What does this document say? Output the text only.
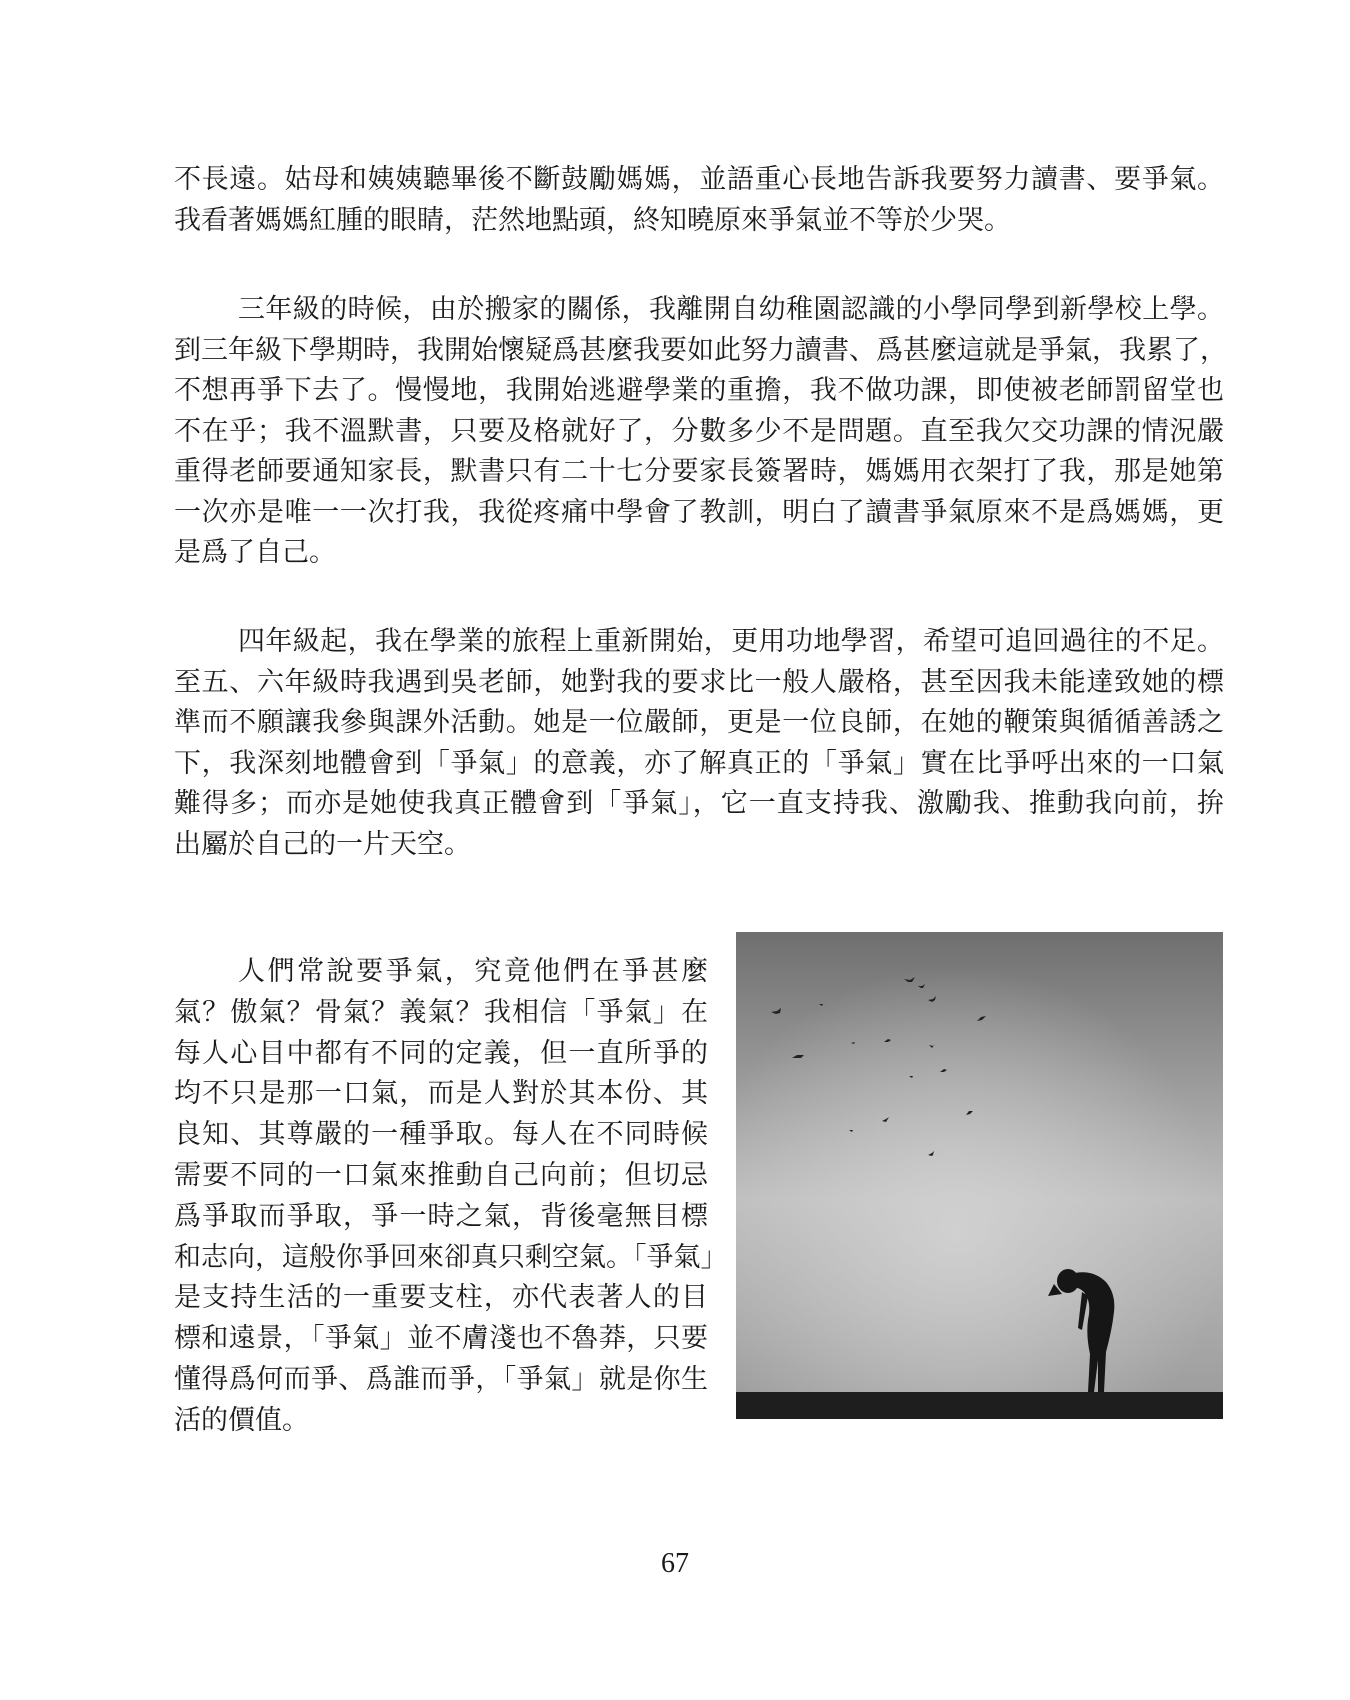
不長遠。姑母和姨姨聽畢後不斷鼓勵媽媽，並語重心長地告訴我要努力讀書、要爭氣。
我看著媽媽紅腫的眼睛，茫然地點頭，終知曉原來爭氣並不等於少哭。
三年級的時候，由於搬家的關係，我離開自幼稚園認識的小學同學到新學校上學。
到三年級下學期時，我開始懷疑爲甚麼我要如此努力讀書、爲甚麼這就是爭氣，我累了，
不想再爭下去了。慢慢地，我開始逃避學業的重擔，我不做功課，即使被老師罰留堂也
不在乎；我不溫默書，只要及格就好了，分數多少不是問題。直至我欠交功課的情況嚴
重得老師要通知家長，默書只有二十七分要家長簽署時，媽媽用衣架打了我，那是她第
一次亦是唯一一次打我，我從疼痛中學會了教訓，明白了讀書爭氣原來不是爲媽媽，更
是爲了自己。
四年級起，我在學業的旅程上重新開始，更用功地學習，希望可追回過往的不足。
至五、六年級時我遇到吳老師，她對我的要求比一般人嚴格，甚至因我未能達致她的標
準而不願讓我參與課外活動。她是一位嚴師，更是一位良師，在她的鞭策與循循善誘之
下，我深刻地體會到「爭氣」的意義，亦了解真正的「爭氣」實在比爭呼出來的一口氣
難得多；而亦是她使我真正體會到「爭氣」，它一直支持我、激勵我、推動我向前，拚
出屬於自己的一片天空。
人們常說要爭氣，究竟他們在爭甚麼
氣？傲氣？骨氣？義氣？我相信「爭氣」在
每人心目中都有不同的定義，但一直所爭的
均不只是那一口氣，而是人對於其本份、其
良知、其尊嚴的一種爭取。每人在不同時候
需要不同的一口氣來推動自己向前；但切忌
爲爭取而爭取，爭一時之氣，背後毫無目標
和志向，這般你爭回來卻真只剩空氣。「爭氣」
是支持生活的一重要支柱，亦代表著人的目
標和遠景，「爭氣」並不膚淺也不魯莽，只要
懂得爲何而爭、爲誰而爭，「爭氣」就是你生
活的價值。
67
